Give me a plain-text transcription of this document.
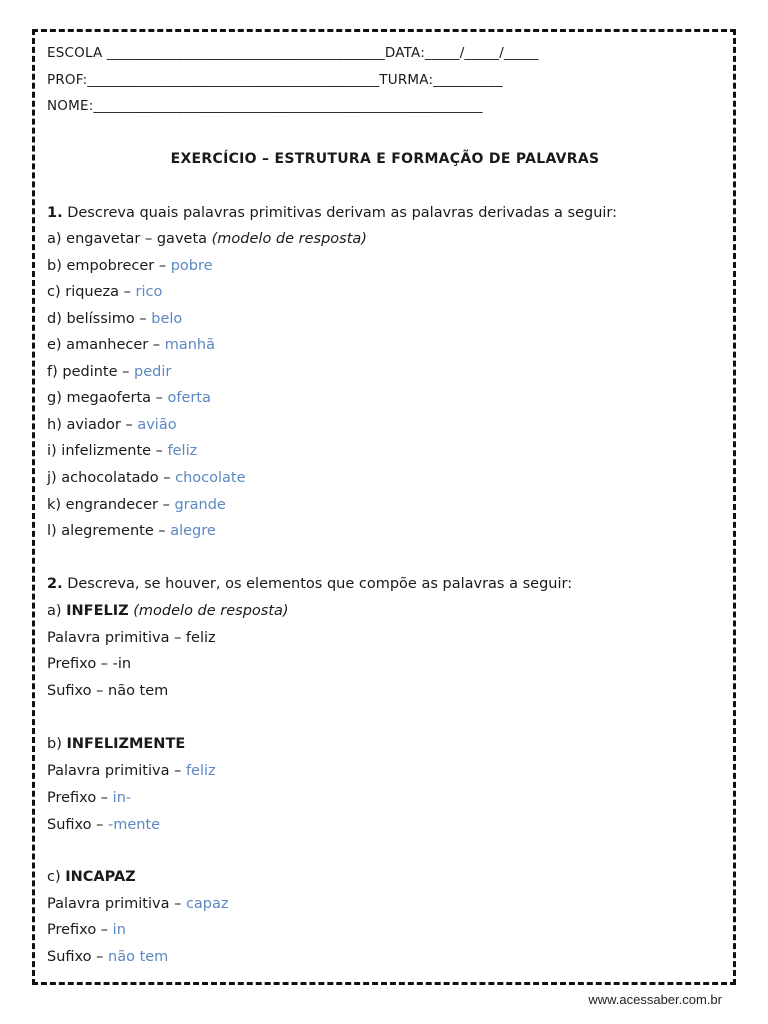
ESCOLA ________________________________________DATA:_____/_____/_____
PROF:__________________________________________TURMA:__________
NOME:________________________________________________________
EXERCÍCIO – ESTRUTURA E FORMAÇÃO DE PALAVRAS
1. Descreva quais palavras primitivas derivam as palavras derivadas a seguir:
a) engavetar – gaveta (modelo de resposta)
b) empobrecer – pobre
c) riqueza – rico
d) belíssimo – belo
e) amanhecer – manhã
f) pedinte – pedir
g) megaoferta – oferta
h) aviador – avião
i) infelizmente – feliz
j) achocolatado – chocolate
k) engrandecer – grande
l) alegremente – alegre
2. Descreva, se houver, os elementos que compõe as palavras a seguir:
a) INFELIZ (modelo de resposta)
Palavra primitiva – feliz
Prefixo – -in
Sufixo – não tem
b) INFELIZMENTE
Palavra primitiva – feliz
Prefixo – in-
Sufixo – -mente
c) INCAPAZ
Palavra primitiva – capaz
Prefixo – in
Sufixo – não tem
www.acessaber.com.br
